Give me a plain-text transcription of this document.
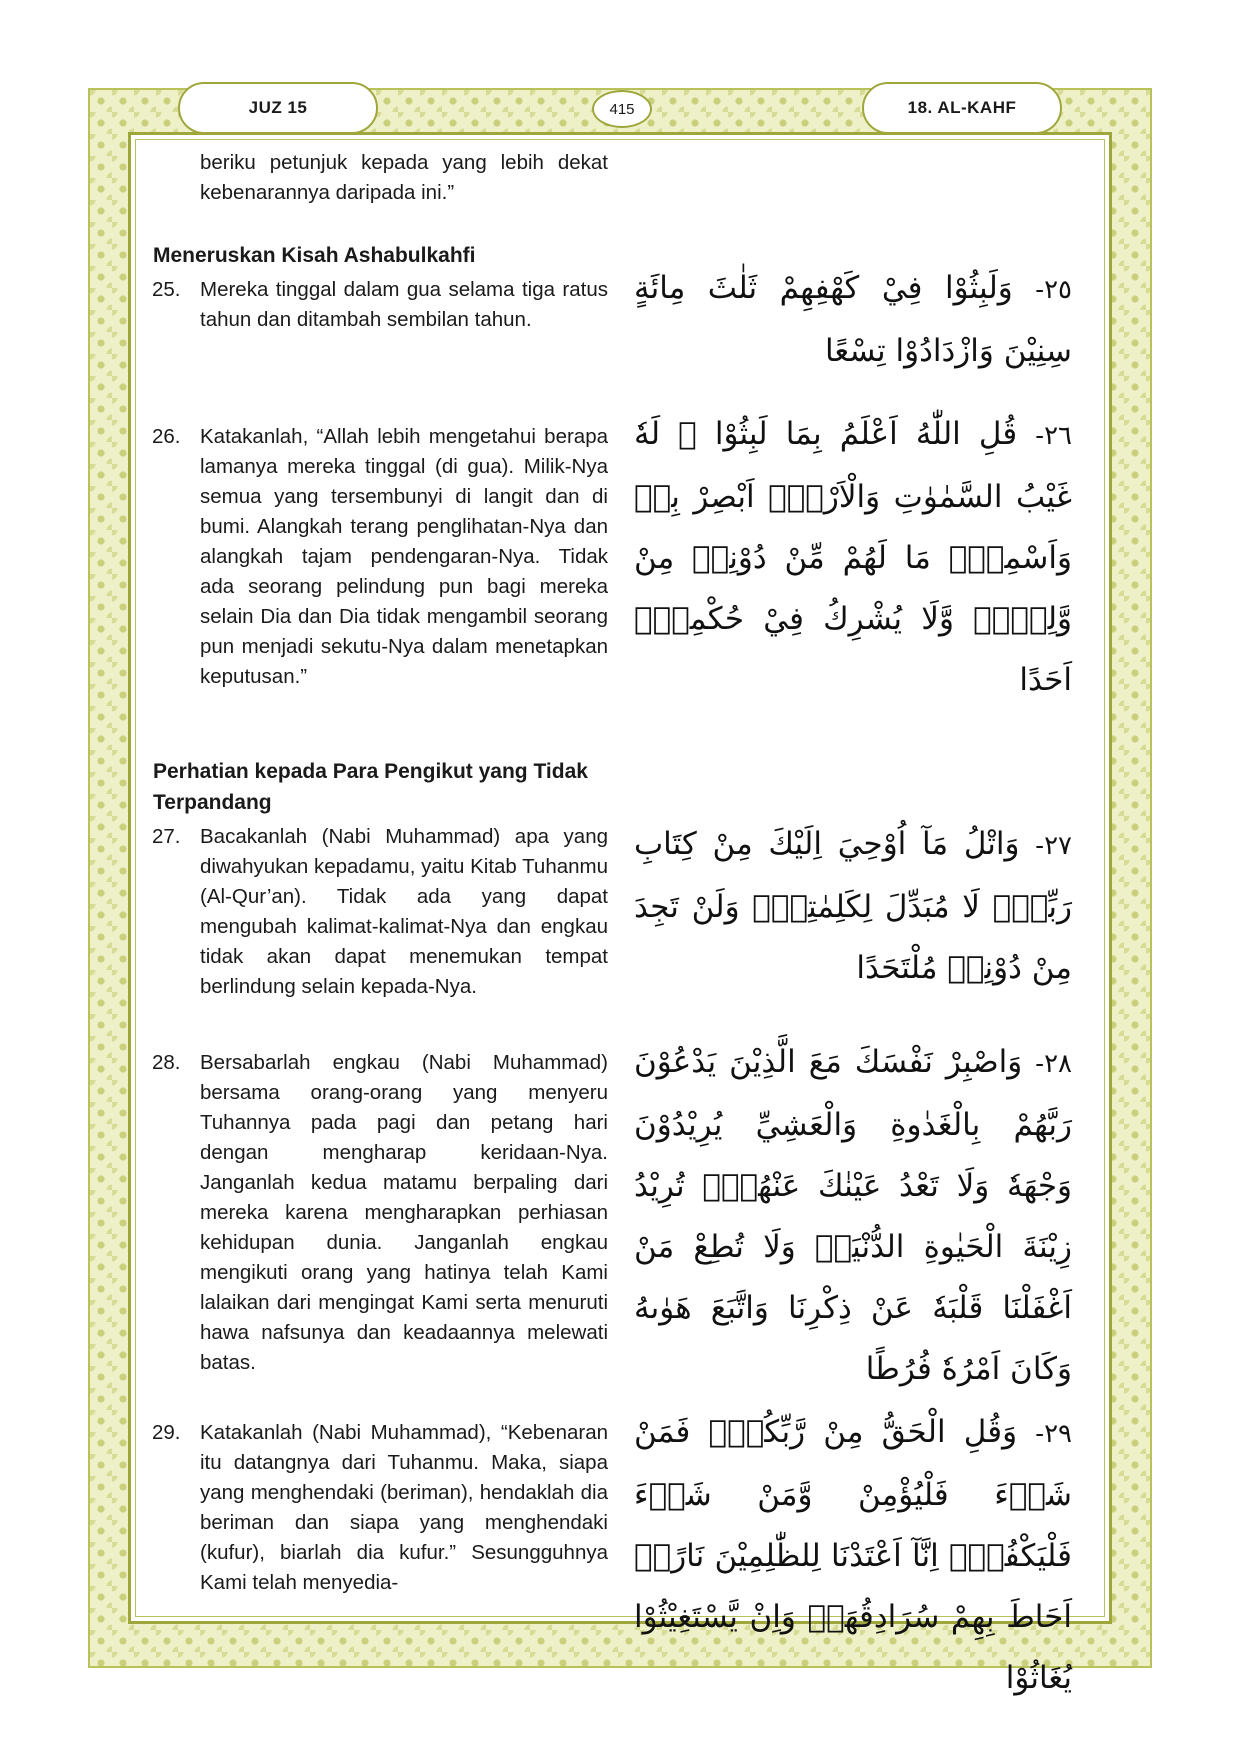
JUZ 15	415	18. AL-KAHF
beriku petunjuk kepada yang lebih dekat kebenarannya daripada ini.”
Meneruskan Kisah Ashabulkahfi
25. Mereka tinggal dalam gua selama tiga ratus tahun dan ditambah sembilan tahun.
٢٥- وَلَبِثُوْا فِيْ كَهْفِهِمْ ثَلٰثَ مِائَةٍ سِنِيْنَ وَازْدَادُوْا تِسْعًا
26. Katakanlah, “Allah lebih mengetahui berapa lamanya mereka tinggal (di gua). Milik-Nya semua yang tersembunyi di langit dan di bumi. Alangkah terang penglihatan-Nya dan alangkah tajam pendengaran-Nya. Tidak ada seorang pelindung pun bagi mereka selain Dia dan Dia tidak mengambil seorang pun menjadi sekutu-Nya dalam menetapkan keputusan.”
٢٦- قُلِ اللّٰهُ اَعْلَمُ بِمَا لَبِثُوْا ۚ لَهٗ غَيْبُ السَّمٰوٰتِ وَالْاَرْضِۗ اَبْصِرْ بِهٖ وَاَسْمِعْۗ مَا لَهُمْ مِّنْ دُوْنِهٖ مِنْ وَّلِيٍّۗ وَّلَا يُشْرِكُ فِيْ حُكْمِهٖٓ اَحَدًا
Perhatian kepada Para Pengikut yang Tidak Terpandang
27. Bacakanlah (Nabi Muhammad) apa yang diwahyukan kepadamu, yaitu Kitab Tuhanmu (Al-Qur’an). Tidak ada yang dapat mengubah kalimat-kalimat-Nya dan engkau tidak akan dapat menemukan tempat berlindung selain kepada-Nya.
٢٧- وَاتْلُ مَآ اُوْحِيَ اِلَيْكَ مِنْ كِتَابِ رَبِّكَۗ لَا مُبَدِّلَ لِكَلِمٰتِهٖۗ وَلَنْ تَجِدَ مِنْ دُوْنِهٖ مُلْتَحَدًا
28. Bersabarlah engkau (Nabi Muhammad) bersama orang-orang yang menyeru Tuhannya pada pagi dan petang hari dengan mengharap keridaan-Nya. Janganlah kedua matamu berpaling dari mereka karena mengharapkan perhiasan kehidupan dunia. Janganlah engkau mengikuti orang yang hatinya telah Kami lalaikan dari mengingat Kami serta menuruti hawa nafsunya dan keadaannya melewati batas.
٢٨- وَاصْبِرْ نَفْسَكَ مَعَ الَّذِيْنَ يَدْعُوْنَ رَبَّهُمْ بِالْغَدٰوةِ وَالْعَشِيِّ يُرِيْدُوْنَ وَجْهَهٗ وَلَا تَعْدُ عَيْنٰكَ عَنْهُمْۚ تُرِيْدُ زِيْنَةَ الْحَيٰوةِ الدُّنْيَاۚ وَلَا تُطِعْ مَنْ اَغْفَلْنَا قَلْبَهٗ عَنْ ذِكْرِنَا وَاتَّبَعَ هَوٰىهُ وَكَانَ اَمْرُهٗ فُرُطًا
29. Katakanlah (Nabi Muhammad), “Kebenaran itu datangnya dari Tuhanmu. Maka, siapa yang menghendaki (beriman), hendaklah dia beriman dan siapa yang menghendaki (kufur), biarlah dia kufur.” Sesungguhnya Kami telah menyedia-
٢٩- وَقُلِ الْحَقُّ مِنْ رَّبِّكُمْۗ فَمَنْ شَاۤءَ فَلْيُؤْمِنْ وَّمَنْ شَاۤءَ فَلْيَكْفُرْۚ اِنَّآ اَعْتَدْنَا لِلظّٰلِمِيْنَ نَارًاۙ اَحَاطَ بِهِمْ سُرَادِقُهَاۗ وَاِنْ يَّسْتَغِيْثُوْا يُغَاثُوْا
